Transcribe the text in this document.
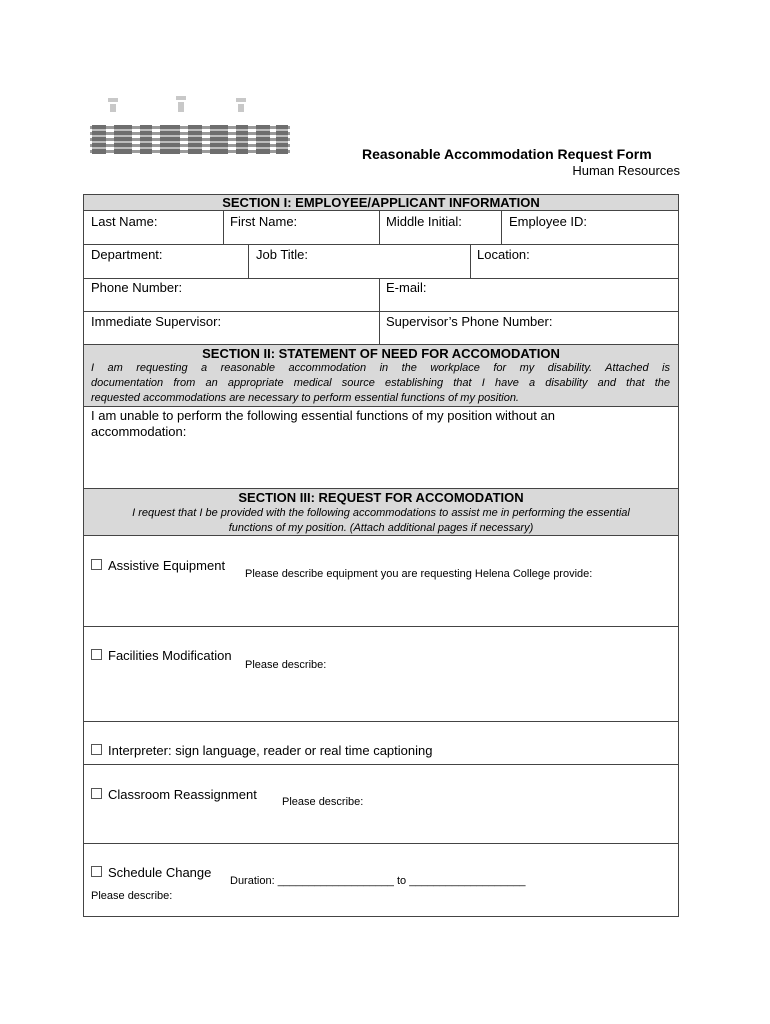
Reasonable Accommodation Request Form
Human Resources
SECTION I: EMPLOYEE/APPLICANT INFORMATION
Last Name:	First Name:	Middle Initial:	Employee ID:
Department:	Job Title:	Location:
Phone Number:	E-mail:
Immediate Supervisor:	Supervisor’s Phone Number:
SECTION II: STATEMENT OF NEED FOR ACCOMODATION
I am requesting a reasonable accommodation in the workplace for my disability. Attached is
documentation from an appropriate medical source establishing that I have a disability and that the
requested accommodations are necessary to perform essential functions of my position.
I am unable to perform the following essential functions of my position without an accommodation:
SECTION III: REQUEST FOR ACCOMODATION
I request that I be provided with the following accommodations to assist me in performing the essential
functions of my position. (Attach additional pages if necessary)
Assistive Equipment
Please describe equipment you are requesting Helena College provide:
Facilities Modification
Please describe:
Interpreter: sign language, reader or real time captioning
Classroom Reassignment Please describe:
Schedule Change
Duration: ___________________ to ___________________
Please describe:
